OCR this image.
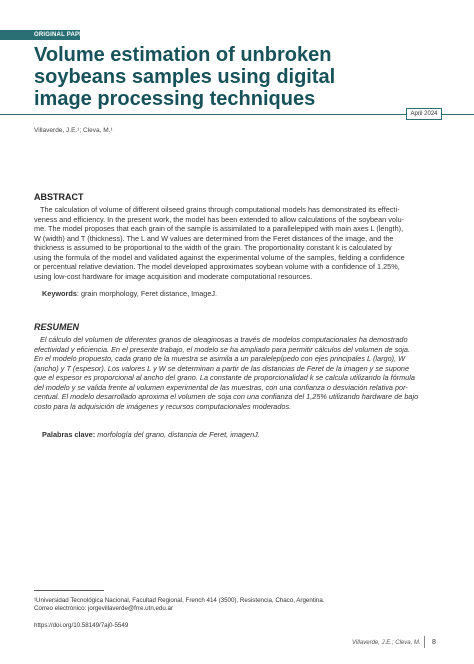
ORIGINAL PAPER
Volume estimation of unbroken
soybeans samples using digital
image processing techniques
April 2024
Villaverde, J.E.¹; Cleva, M.¹
ABSTRACT
The calculation of volume of different oilseed grains through computational models has demonstrated its effecti-
veness and efficiency. In the present work, the model has been extended to allow calculations of the soybean volu-
me. The model proposes that each grain of the sample is assimilated to a parallelepiped with main axes L (length),
W (width) and T (thickness). The L and W values are determined from the Feret distances of the image, and the
thickness is assumed to be proportional to the width of the grain. The proportionality constant k is calculated by
using the formula of the model and validated against the experimental volume of the samples, fielding a confidence
or percentual relative deviation. The model developed approximates soybean volume with a confidence of 1.25%,
using low-cost hardware for image acquisition and moderate computational resources.
Keywords: grain morphology, Feret distance, ImageJ.
RESUMEN
El cálculo del volumen de diferentes granos de oleaginosas a través de modelos computacionales ha demostrado
efectividad y eficiencia. En el presente trabajo, el modelo se ha ampliado para permitir cálculos del volumen de soja.
En el modelo propuesto, cada grano de la muestra se asimila a un paralelepípedo con ejes principales L (largo), W
(ancho) y T (espesor). Los valores L y W se determinan a partir de las distancias de Feret de la imagen y se supone
que el espesor es proporcional al ancho del grano. La constante de proporcionalidad k se calcula utilizando la fórmula
del modelo y se valida frente al volumen experimental de las muestras, con una confianza o desviación relativa por-
centual. El modelo desarrollado aproxima el volumen de soja con una confianza del 1,25% utilizando hardware de bajo
costo para la adquisición de imágenes y recursos computacionales moderados.
Palabras clave: morfología del grano, distancia de Feret, imagenJ.
¹Universidad Tecnológica Nacional, Facultad Regional, French 414 (3500), Resistencia, Chaco, Argentina.
Correo electrónico: jorgevillaverde@frre.utn.edu.ar
https://doi.org/10.58149/7aj0-5549
Villaverde, J.E.; Cleva, M. 8
